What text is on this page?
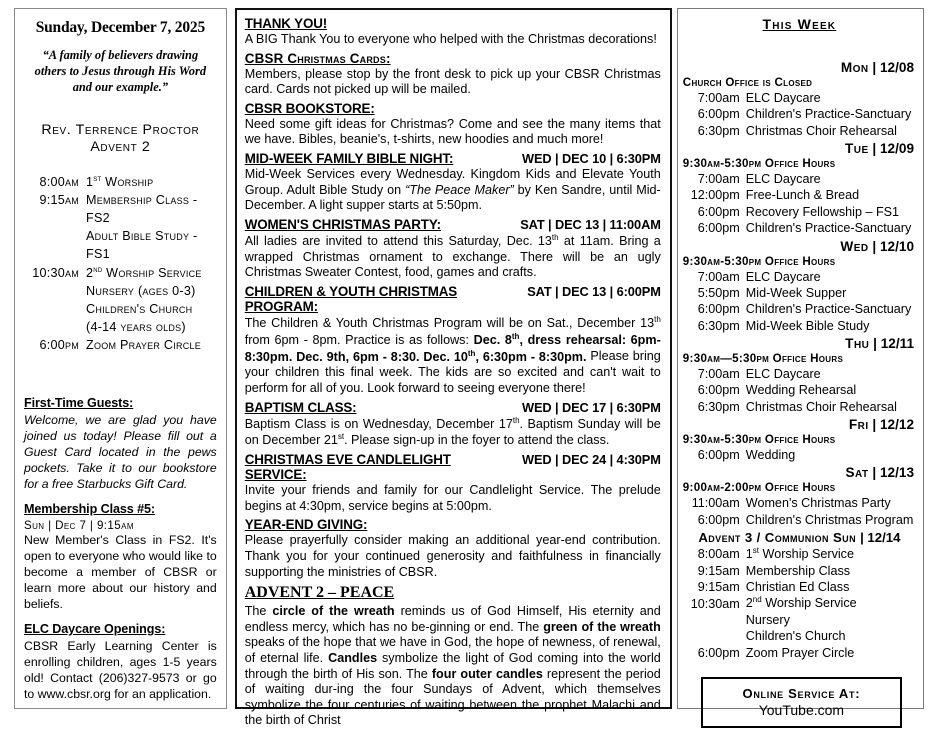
Sunday, December 7, 2025
“A family of believers drawing others to Jesus through His Word and our example.”
Rev. Terrence Proctor
Advent 2
8:00am 1st Worship
9:15am Membership Class - FS2
Adult Bible Study - FS1
10:30am 2nd Worship Service
Nursery (ages 0-3)
Children's Church
(4-14 years olds)
6:00pm Zoom Prayer Circle
First-Time Guests:
Welcome, we are glad you have joined us today! Please fill out a Guest Card located in the pews pockets. Take it to our bookstore for a free Starbucks Gift Card.
Membership Class #5:
Sun | Dec 7 | 9:15am
New Member's Class in FS2. It's open to everyone who would like to become a member of CBSR or learn more about our history and beliefs.
ELC Daycare Openings:
CBSR Early Learning Center is enrolling children, ages 1-5 years old! Contact (206)327-9573 or go to www.cbsr.org for an application.
THANK YOU!
A BIG Thank You to everyone who helped with the Christmas decorations!
CBSR Christmas Cards:
Members, please stop by the front desk to pick up your CBSR Christmas card. Cards not picked up will be mailed.
CBSR BOOKSTORE:
Need some gift ideas for Christmas? Come and see the many items that we have. Bibles, beanie's, t-shirts, new hoodies and much more!
MID-WEEK FAMILY BIBLE NIGHT:	WED | DEC 10 | 6:30PM
Mid-Week Services every Wednesday. Kingdom Kids and Elevate Youth Group. Adult Bible Study on “The Peace Maker” by Ken Sandre, until Mid-December. A light supper starts at 5:50pm.
WOMEN'S CHRISTMAS PARTY:	SAT | DEC 13 | 11:00AM
All ladies are invited to attend this Saturday, Dec. 13th at 11am. Bring a wrapped Christmas ornament to exchange. There will be an ugly Christmas Sweater Contest, food, games and crafts.
CHILDREN & YOUTH CHRISTMAS PROGRAM:
SAT | DEC 13 | 6:00PM
The Children & Youth Christmas Program will be on Sat., December 13th from 6pm - 8pm. Practice is as follows: Dec. 8th, dress rehearsal: 6pm-8:30pm. Dec. 9th, 6pm - 8:30. Dec. 10th, 6:30pm - 8:30pm. Please bring your children this final week. The kids are so excited and can't wait to perform for all of you. Look forward to seeing everyone there!
BAPTISM CLASS:	WED | DEC 17 | 6:30PM
Baptism Class is on Wednesday, December 17th. Baptism Sunday will be on December 21st. Please sign-up in the foyer to attend the class.
CHRISTMAS EVE CANDLELIGHT SERVICE:
WED | DEC 24 | 4:30PM
Invite your friends and family for our Candlelight Service. The prelude begins at 4:30pm, service begins at 5:00pm.
YEAR-END GIVING:
Please prayerfully consider making an additional year-end contribution. Thank you for your continued generosity and faithfulness in financially supporting the ministries of CBSR.
ADVENT 2 – PEACE
The circle of the wreath reminds us of God Himself, His eternity and endless mercy, which has no be-ginning or end. The green of the wreath speaks of the hope that we have in God, the hope of newness, of renewal, of eternal life. Candles symbolize the light of God coming into the world through the birth of His son. The four outer candles represent the period of waiting dur-ing the four Sundays of Advent, which themselves symbolize the four centuries of waiting between the prophet Malachi and the birth of Christ
This Week
Mon | 12/08
Church Office is Closed
7:00am ELC Daycare
6:00pm Children's Practice-Sanctuary
6:30pm Christmas Choir Rehearsal
Tue | 12/09
9:30am-5:30pm Office Hours
7:00am ELC Daycare
12:00pm Free-Lunch & Bread
6:00pm Recovery Fellowship – FS1
6:00pm Children's Practice-Sanctuary
Wed | 12/10
9:30am-5:30pm Office Hours
7:00am ELC Daycare
5:50pm Mid-Week Supper
6:00pm Children's Practice-Sanctuary
6:30pm Mid-Week Bible Study
Thu | 12/11
9:30am—5:30pm Office Hours
7:00am ELC Daycare
6:00pm Wedding Rehearsal
6:30pm Christmas Choir Rehearsal
Fri | 12/12
9:30am-5:30pm Office Hours
6:00pm Wedding
Sat | 12/13
9:00am-2:00pm Office Hours
11:00am Women's Christmas Party
6:00pm Children's Christmas Program
Advent 3 / Communion Sun | 12/14
8:00am 1st Worship Service
9:15am Membership Class
9:15am Christian Ed Class
10:30am 2nd Worship Service
Nursery
Children's Church
6:00pm Zoom Prayer Circle
Online Service At:
YouTube.com
